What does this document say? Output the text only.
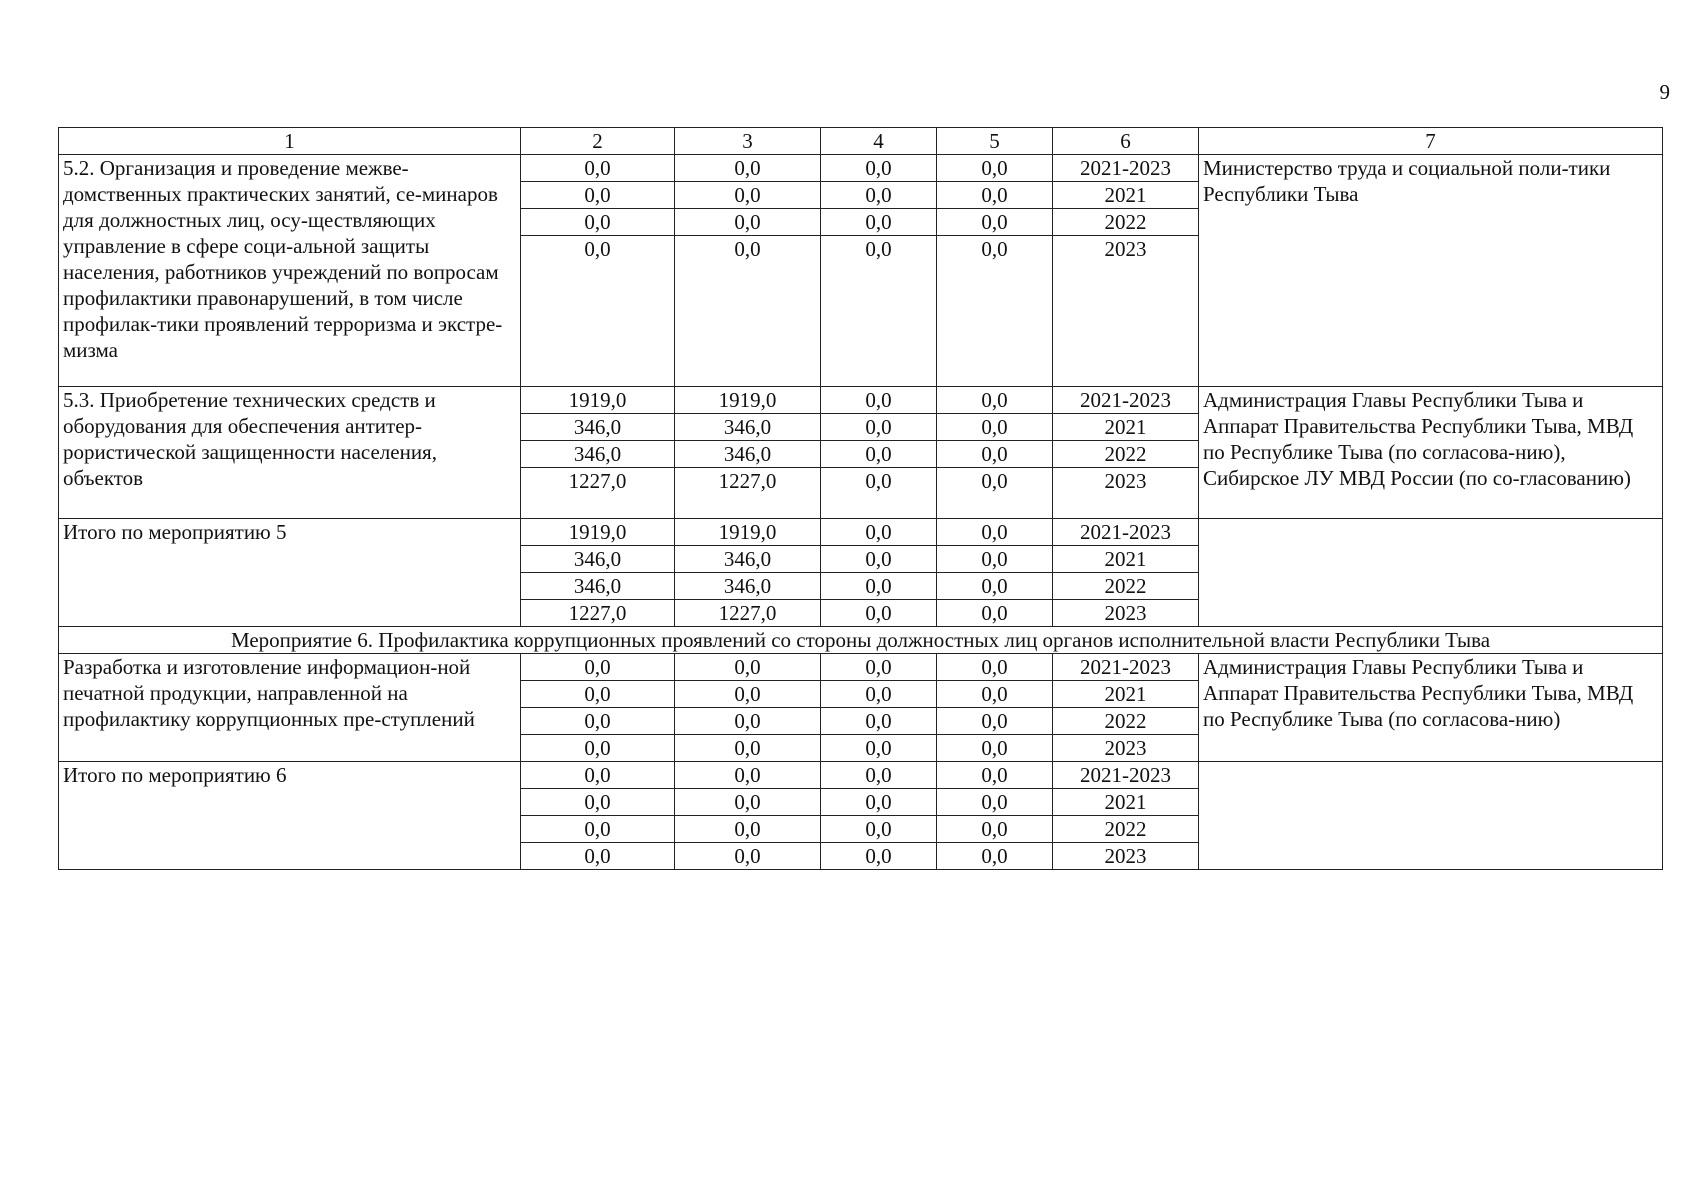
9
1	2	3	4	5	6	7
5.2. Организация и проведение межве-домственных практических занятий, се-минаров для должностных лиц, осу-ществляющих управление в сфере соци-альной защиты населения, работников учреждений по вопросам профилактики правонарушений, в том числе профилак-тики проявлений терроризма и экстре-мизма	0,0	0,0	0,0	0,0	2021-2023	Министерство труда и социальной поли-тики Республики Тыва
	0,0	0,0	0,0	0,0	2021	
	0,0	0,0	0,0	0,0	2022	
	0,0	0,0	0,0	0,0	2023	
5.3. Приобретение технических средств и оборудования для обеспечения антитер-рористической защищенности населения, объектов	1919,0	1919,0	0,0	0,0	2021-2023	Администрация Главы Республики Тыва и Аппарат Правительства Республики Тыва, МВД по Республике Тыва (по согласова-нию), Сибирское ЛУ МВД России (по со-гласованию)
	346,0	346,0	0,0	0,0	2021	
	346,0	346,0	0,0	0,0	2022	
	1227,0	1227,0	0,0	0,0	2023	
Итого по мероприятию 5	1919,0	1919,0	0,0	0,0	2021-2023	
	346,0	346,0	0,0	0,0	2021	
	346,0	346,0	0,0	0,0	2022	
	1227,0	1227,0	0,0	0,0	2023	
Мероприятие 6. Профилактика коррупционных проявлений со стороны должностных лиц органов исполнительной власти Республики Тыва						
Разработка и изготовление информацион-ной печатной продукции, направленной на профилактику коррупционных пре-ступлений	0,0	0,0	0,0	0,0	2021-2023	Администрация Главы Республики Тыва и Аппарат Правительства Республики Тыва, МВД по Республике Тыва (по согласова-нию)
	0,0	0,0	0,0	0,0	2021	
	0,0	0,0	0,0	0,0	2022	
	0,0	0,0	0,0	0,0	2023	
Итого по мероприятию 6	0,0	0,0	0,0	0,0	2021-2023	
	0,0	0,0	0,0	0,0	2021	
	0,0	0,0	0,0	0,0	2022	
	0,0	0,0	0,0	0,0	2023	
